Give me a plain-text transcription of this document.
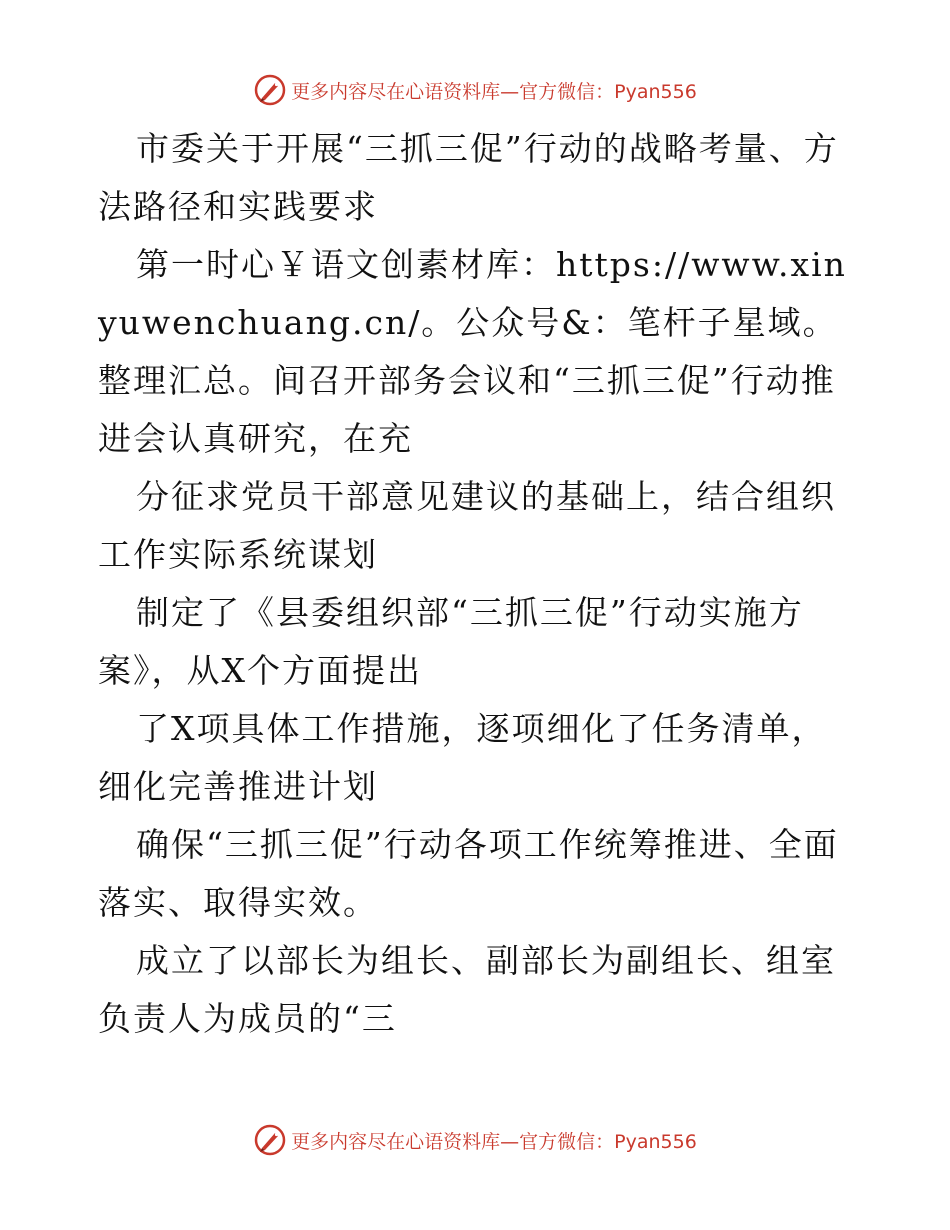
更多内容尽在心语资料库—官方微信：Pyan556

市委关于开展“三抓三促”行动的战略考量、方法路径和实践要求

第一时心￥语文创素材库：https://www.xinyuwenchuang.cn/。公众号&：笔杆子星域。整理汇总。间召开部务会议和“三抓三促”行动推进会认真研究，在充

分征求党员干部意见建议的基础上，结合组织工作实际系统谋划

制定了《县委组织部“三抓三促”行动实施方案》，从X个方面提出

了X项具体工作措施，逐项细化了任务清单，细化完善推进计划

确保“三抓三促”行动各项工作统筹推进、全面落实、取得实效。

成立了以部长为组长、副部长为副组长、组室负责人为成员的“三

更多内容尽在心语资料库—官方微信：Pyan556
